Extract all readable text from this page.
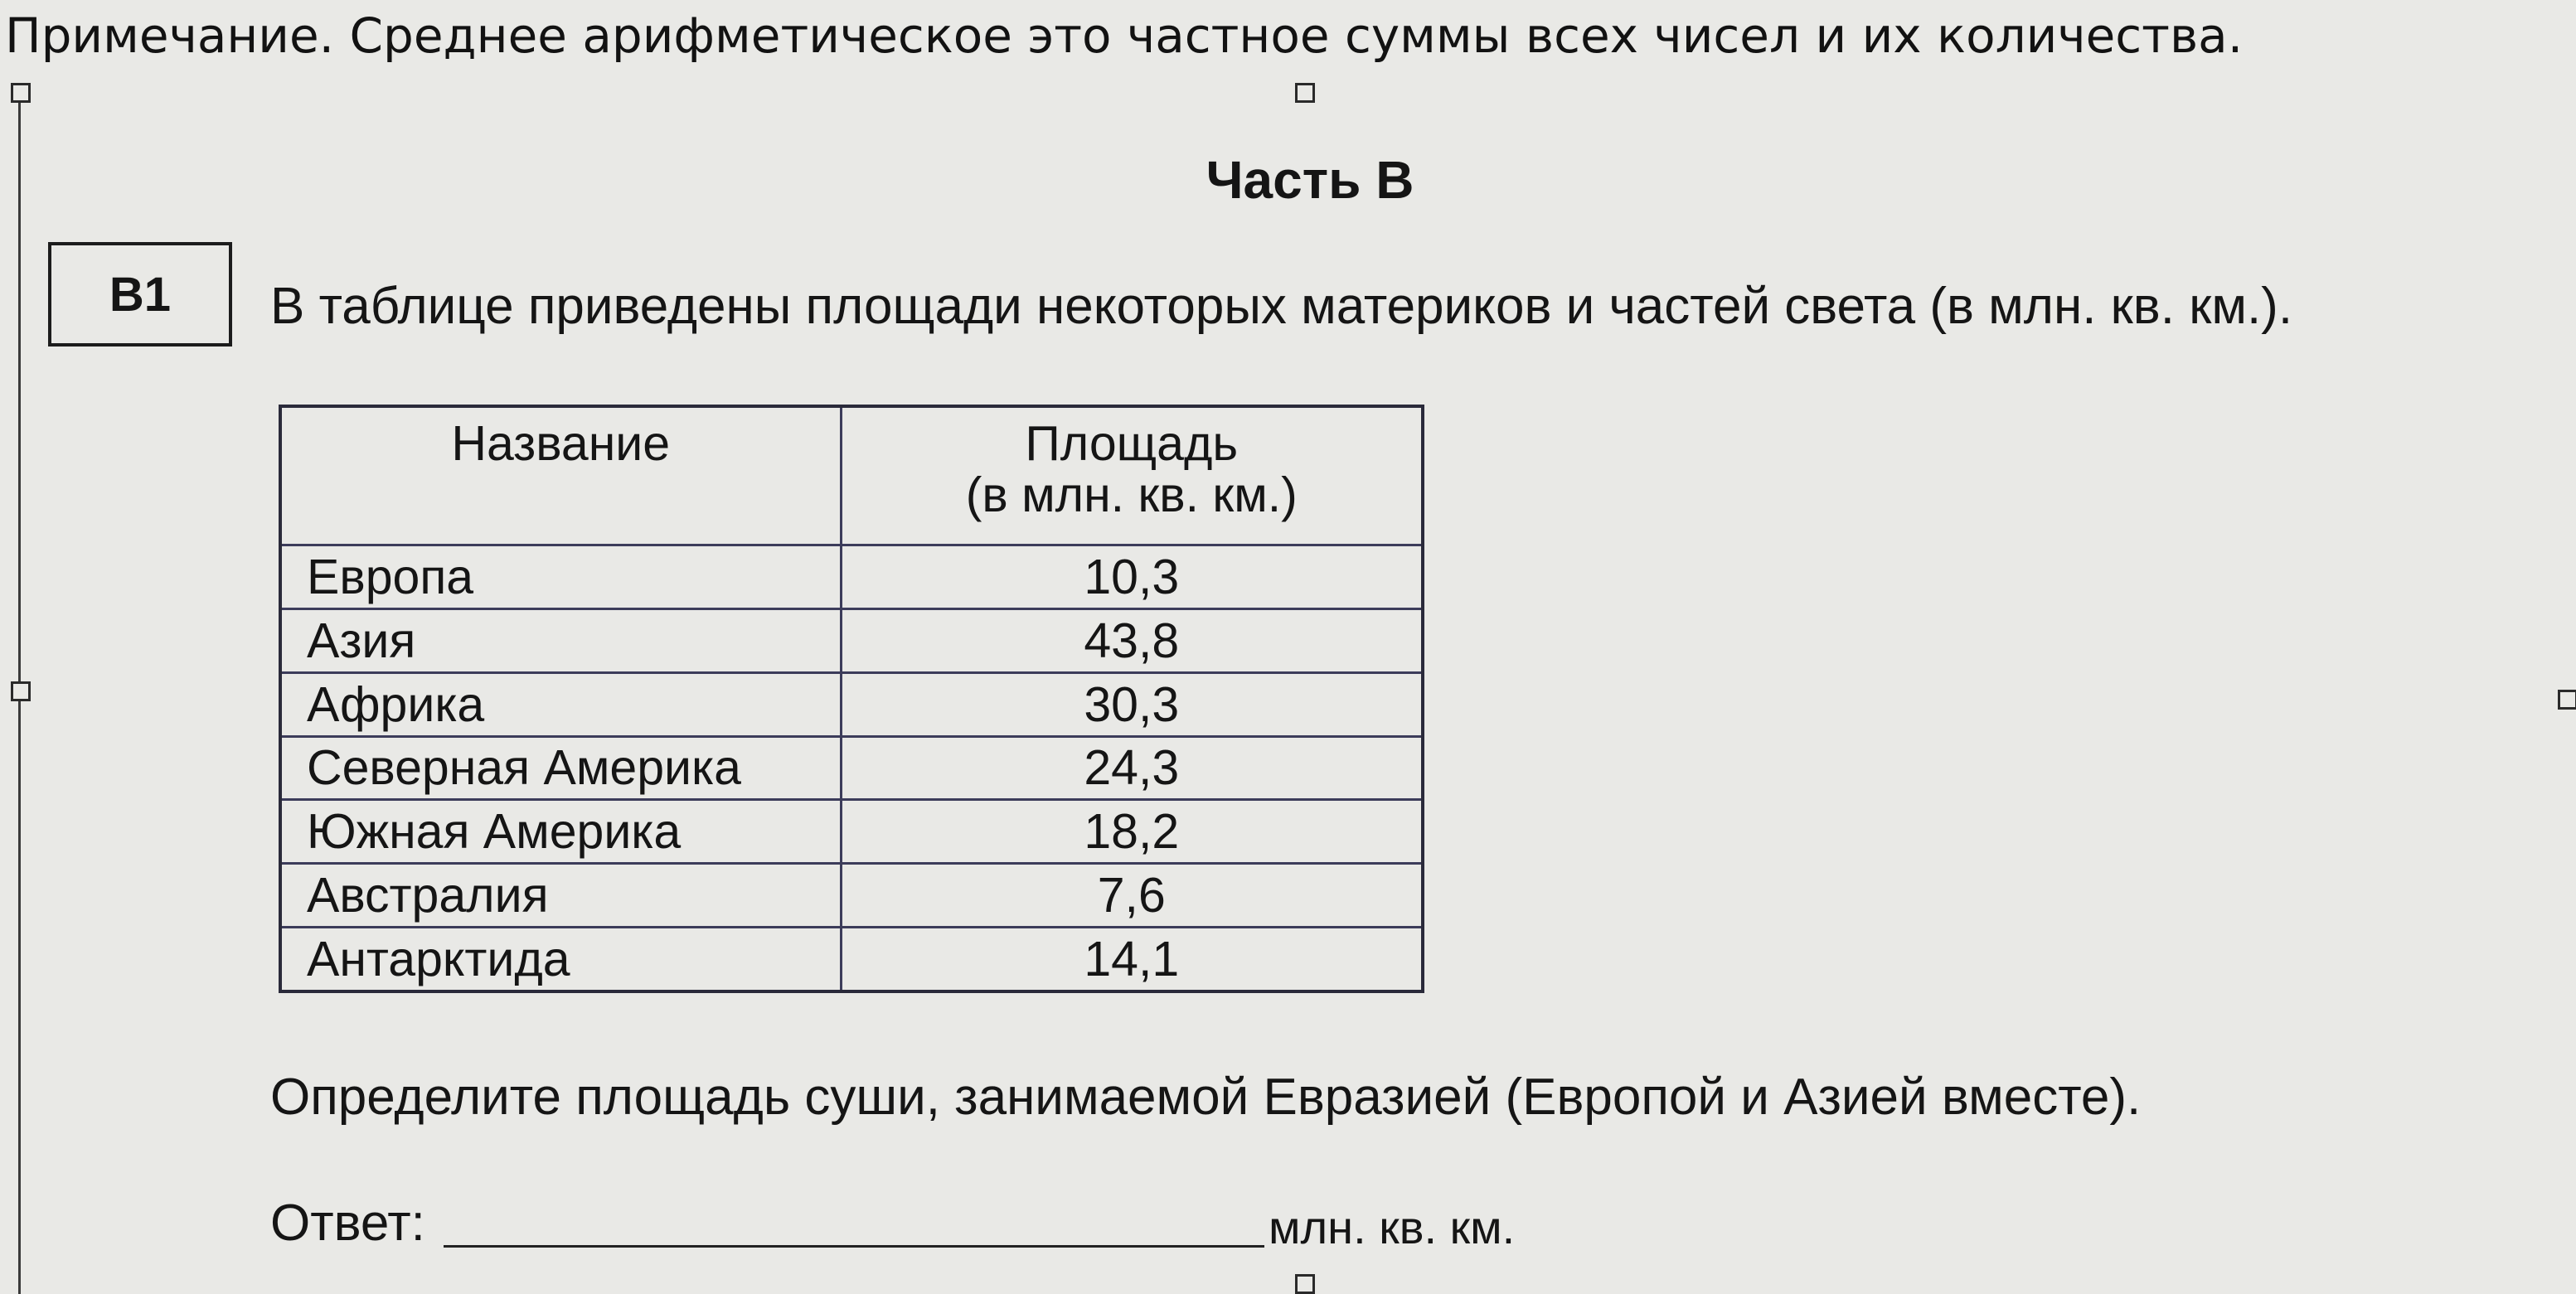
Примечание. Среднее арифметическое это частное суммы всех чисел и их количества.
Часть В
В1 В таблице приведены площади некоторых материков и частей света (в млн. кв. км.).
Название	Площадь
(в млн. кв. км.)
Европа	10,3
Азия	43,8
Африка	30,3
Северная Америка	24,3
Южная Америка	18,2
Австралия	7,6
Антарктида	14,1
Определите площадь суши, занимаемой Евразией (Европой и Азией вместе).
Ответ:	млн. кв. км.
